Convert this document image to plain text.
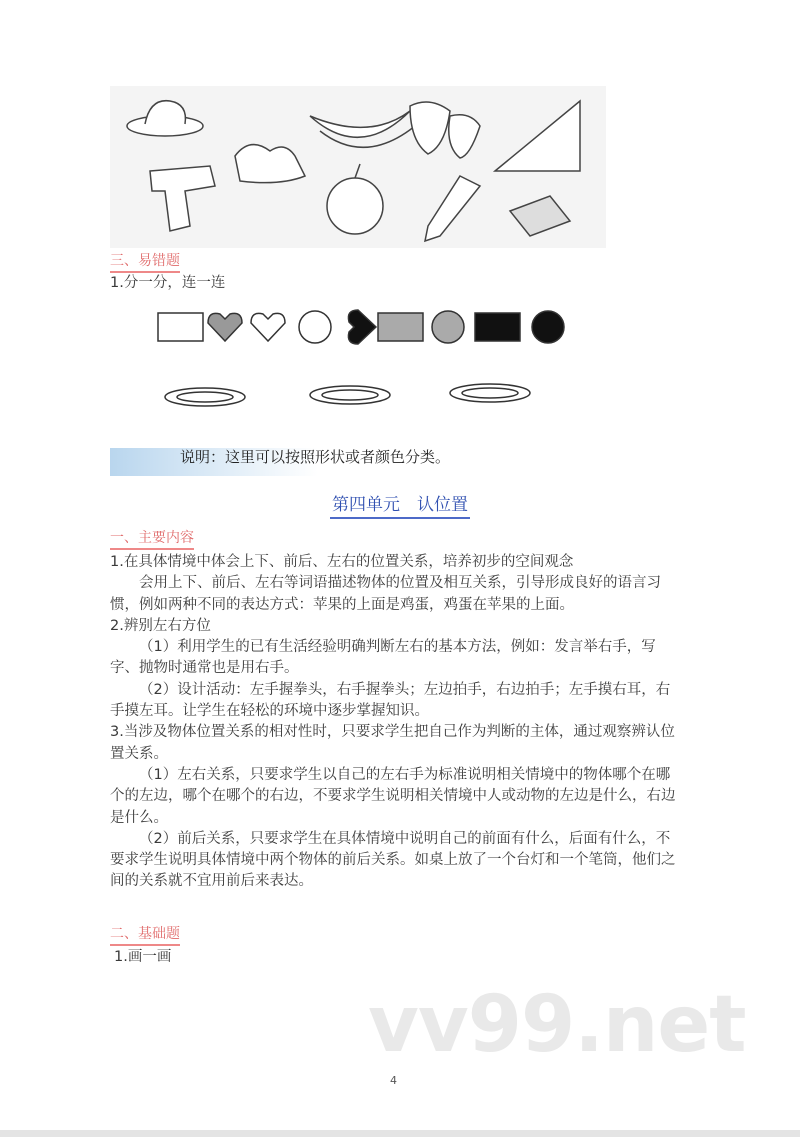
三、易错题
1.分一分，连一连
说明：这里可以按照形状或者颜色分类。
第四单元　认位置
一、主要内容

1.在具体情境中体会上下、前后、左右的位置关系，培养初步的空间观念

会用上下、前后、左右等词语描述物体的位置及相互关系，引导形成良好的语言习惯，例如两种不同的表达方式：苹果的上面是鸡蛋，鸡蛋在苹果的上面。

2.辨别左右方位

（1）利用学生的已有生活经验明确判断左右的基本方法，例如：发言举右手，写字、抛物时通常也是用右手。

（2）设计活动：左手握拳头，右手握拳头；左边拍手，右边拍手；左手摸右耳，右手摸左耳。让学生在轻松的环境中逐步掌握知识。

3.当涉及物体位置关系的相对性时，只要求学生把自己作为判断的主体，通过观察辨认位置关系。

（1）左右关系，只要求学生以自己的左右手为标准说明相关情境中的物体哪个在哪个的左边，哪个在哪个的右边，不要求学生说明相关情境中人或动物的左边是什么，右边是什么。

（2）前后关系，只要求学生在具体情境中说明自己的前面有什么，后面有什么，不要求学生说明具体情境中两个物体的前后关系。如桌上放了一个台灯和一个笔筒，他们之间的关系就不宜用前后来表达。

二、基础题
1.画一画
vv99.net
4
